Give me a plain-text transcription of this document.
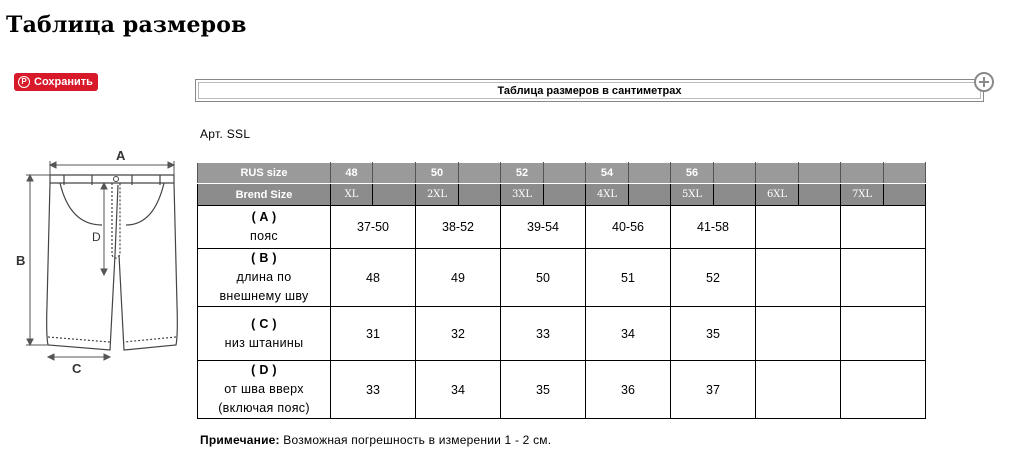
Таблица размеров
P Сохранить
Таблица размеров в сантиметрах
Арт. SSL
A
B
C
D
RUS size	48		50		52		54		56					
Brend Size	XL		2XL		3XL		4XL		5XL		6XL		7XL	

( A )
пояс	37-50		38-52		39-54		40-56		41-58					

( B )
длина по
внешнему шву	48		49		50		51		52					

( C )
низ штанины	31		32		33		34		35					

( D )
от шва вверх
(включая пояс)	33		34		35		36		37					
Примечание: Возможная погрешность в измерении 1 - 2 см.
